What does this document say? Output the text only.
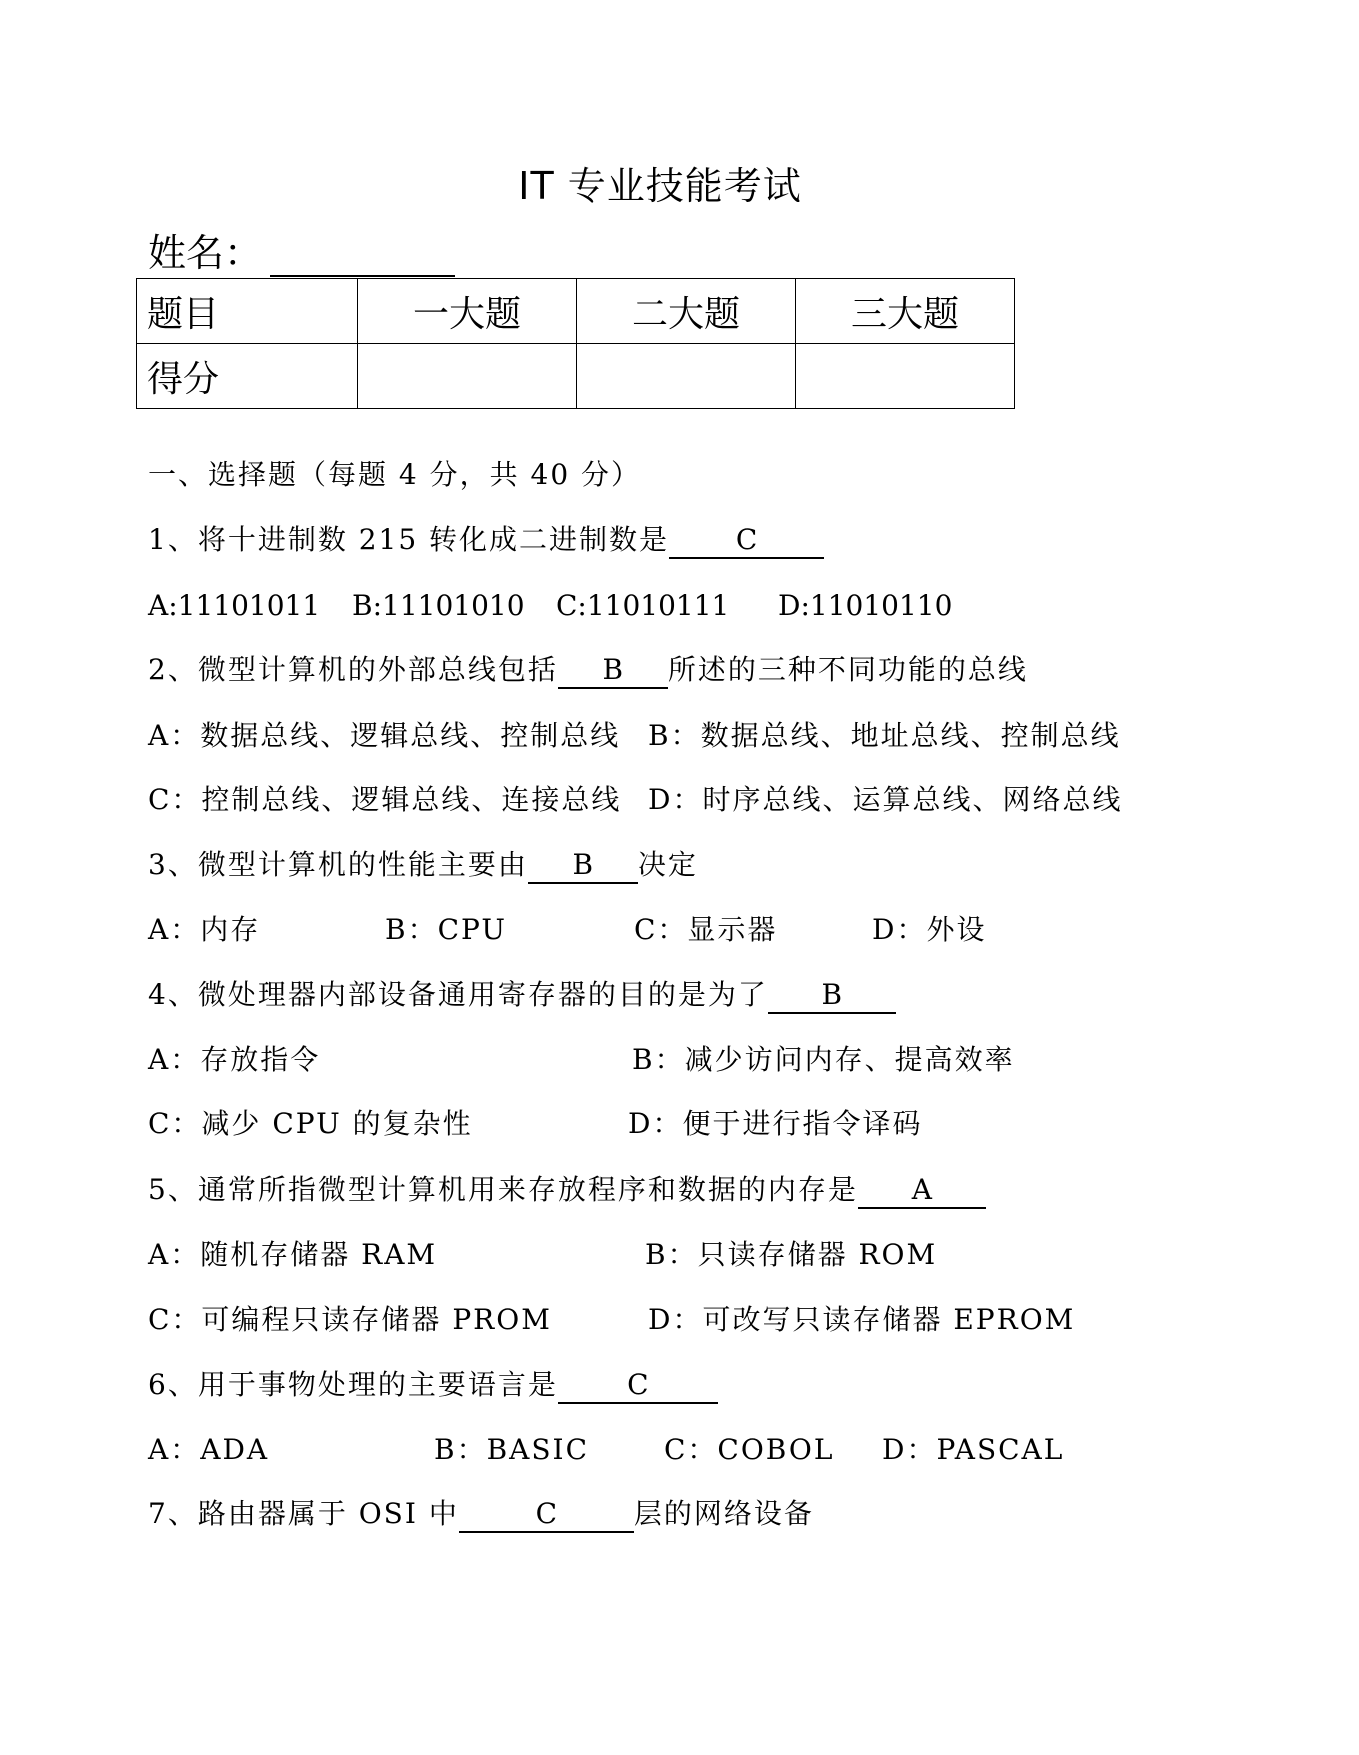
IT 专业技能考试
姓名：
题目	一大题	二大题	三大题
得分			
一、选择题（每题 4 分，共 40 分）
1、将十进制数 215 转化成二进制数是 C
A:11101011 B:11101010 C:11010111 D:11010110
2、微型计算机的外部总线包括 B 所述的三种不同功能的总线
A：数据总线、逻辑总线、控制总线 B：数据总线、地址总线、控制总线
C：控制总线、逻辑总线、连接总线 D：时序总线、运算总线、网络总线
3、微型计算机的性能主要由 B 决定
A：内存	B：CPU	C：显示器	D：外设
4、微处理器内部设备通用寄存器的目的是为了 B
A：存放指令	B：减少访问内存、提高效率
C：减少 CPU 的复杂性	D：便于进行指令译码
5、通常所指微型计算机用来存放程序和数据的内存是 A
A：随机存储器 RAM	B：只读存储器 ROM
C：可编程只读存储器 PROM	D：可改写只读存储器 EPROM
6、用于事物处理的主要语言是 C
A：ADA	B：BASIC	C：COBOL D：PASCAL
7、路由器属于 OSI 中	C	层的网络设备
